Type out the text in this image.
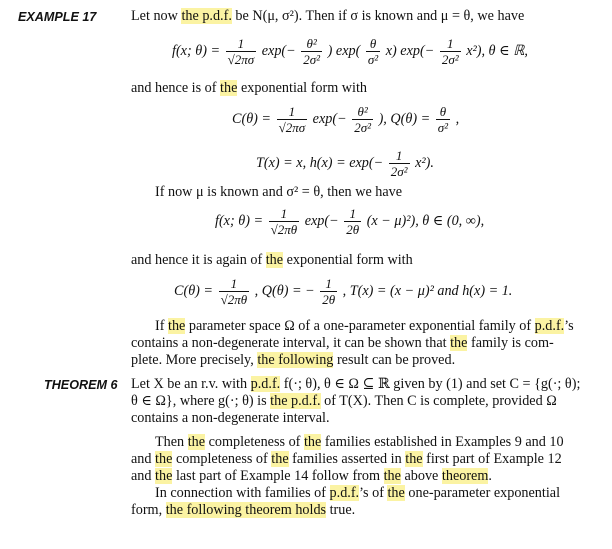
EXAMPLE 17 Let now the p.d.f. be N(μ, σ²). Then if σ is known and μ = θ, we have
f(x; $\theta) = \frac{1}{√2\pi\sigma} \exp(- \frac{\text{θ²}}{\text{2σ²}}$ ) $\exp( \frac{\theta}{\text{σ²}} x)$ $\exp(- \frac{1}{\text{2σ²}} x^2)$, θ ∈ ℝ,
and hence is of the exponential form with
$C(\theta) = \frac{1}{√2\pi\sigma} \exp(- \frac{\text{θ²}}{\text{2σ²}}$ ), $Q(\theta) = \frac{\theta}{\text{σ²}}$ ,
T(x) = x, $h(x) = \exp(- \frac{1}{\text{2σ²}} x^2)$.
If now μ is known and σ² = θ, then we have
f(x; $\theta) = \frac{1}{√2\pi\theta} \exp(- \frac{1}{2\theta} (x - \mu)^2)$, θ ∈ (0, ∞),
and hence it is again of the exponential form with
$C(\theta) = \frac{1}{√2\pi\theta}$ , Q(θ) = − $\frac{1}{2\theta}$ , T(x) = (x − μ)² and h(x) = 1.
If the parameter space Ω of a one-parameter exponential family of p.d.f.’s
contains a non-degenerate interval, it can be shown that the family is com-
plete. More precisely, the following result can be proved.
THEOREM 6 Let X be an r.v. with p.d.f. f(·; θ), θ ∈ Ω ⊆ ℝ given by (1) and set C = {g(·; θ);
θ ∈ Ω}, where g(·; θ) is the p.d.f. of T(X). Then C is complete, provided Ω
contains a non-degenerate interval.
Then the completeness of the families established in Examples 9 and 10
and the completeness of the families asserted in the first part of Example 12
and the last part of Example 14 follow from the above theorem.
In connection with families of p.d.f.’s of the one-parameter exponential
form, the following theorem holds true.
